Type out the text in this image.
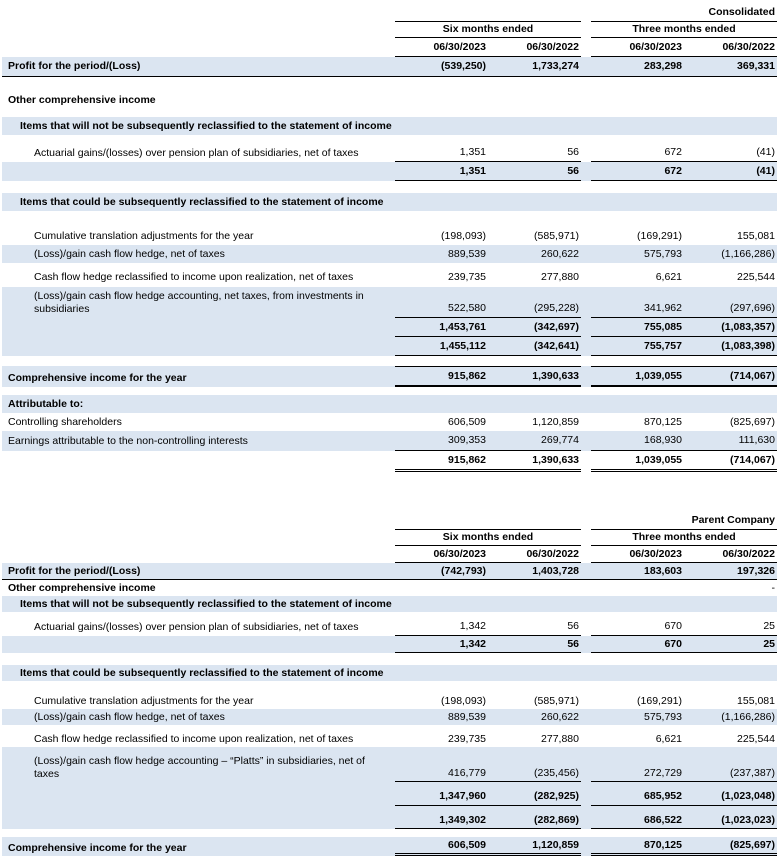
Consolidated
Six months ended	Three months ended
06/30/2023	06/30/2022	06/30/2023	06/30/2022
Profit for the period/(Loss)	(539,250)	1,733,274	283,298	369,331
Other comprehensive income
Items that will not be subsequently reclassified to the statement of income
Actuarial gains/(losses) over pension plan of subsidiaries, net of taxes	1,351	56	672	(41)
1,351	56	672	(41)
Items that could be subsequently reclassified to the statement of income
Cumulative translation adjustments for the year	(198,093)	(585,971)	(169,291)	155,081
(Loss)/gain cash flow hedge, net of taxes	889,539	260,622	575,793	(1,166,286)
Cash flow hedge reclassified to income upon realization, net of taxes	239,735	277,880	6,621	225,544
(Loss)/gain cash flow hedge accounting, net taxes, from investments in subsidiaries	522,580	(295,228)	341,962	(297,696)
1,453,761	(342,697)	755,085	(1,083,357)
1,455,112	(342,641)	755,757	(1,083,398)
Comprehensive income for the year	915,862	1,390,633	1,039,055	(714,067)
Attributable to:
Controlling shareholders	606,509	1,120,859	870,125	(825,697)
Earnings attributable to the non-controlling interests	309,353	269,774	168,930	111,630
915,862	1,390,633	1,039,055	(714,067)
Parent Company
Six months ended	Three months ended
06/30/2023	06/30/2022	06/30/2023	06/30/2022
Profit for the period/(Loss)	(742,793)	1,403,728	183,603	197,326
Other comprehensive income	-
Items that will not be subsequently reclassified to the statement of income
Actuarial gains/(losses) over pension plan of subsidiaries, net of taxes	1,342	56	670	25
1,342	56	670	25
Items that could be subsequently reclassified to the statement of income
Cumulative translation adjustments for the year	(198,093)	(585,971)	(169,291)	155,081
(Loss)/gain cash flow hedge, net of taxes	889,539	260,622	575,793	(1,166,286)
Cash flow hedge reclassified to income upon realization, net of taxes	239,735	277,880	6,621	225,544
(Loss)/gain cash flow hedge accounting – “Platts” in subsidiaries, net of taxes	416,779	(235,456)	272,729	(237,387)
1,347,960	(282,925)	685,952	(1,023,048)
1,349,302	(282,869)	686,522	(1,023,023)
Comprehensive income for the year	606,509	1,120,859	870,125	(825,697)
